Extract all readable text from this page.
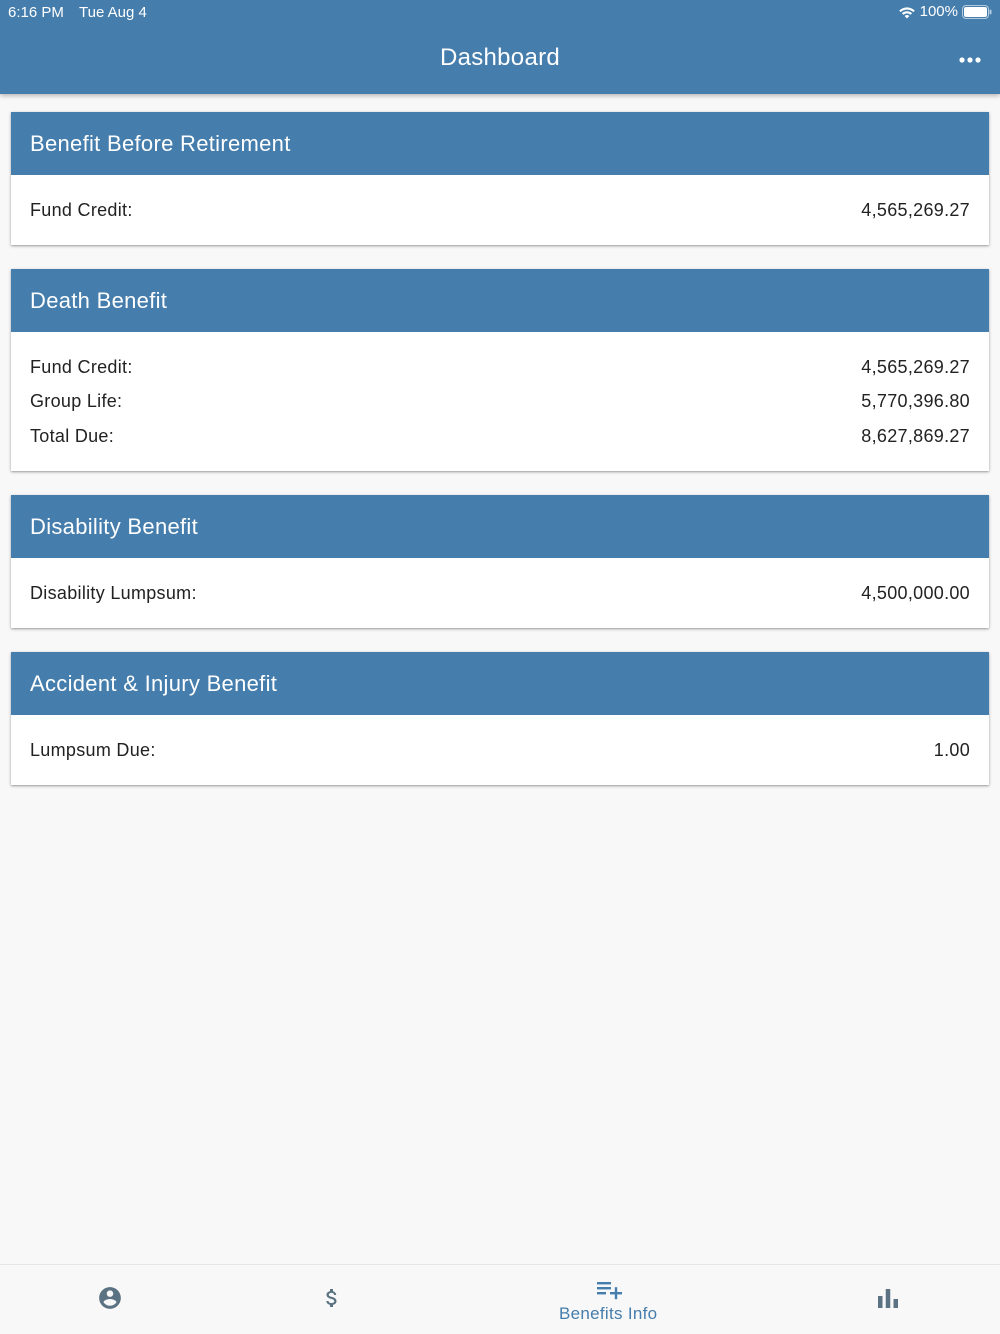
6:16 PM Tue Aug 4	100%
Dashboard
Benefit Before Retirement
Fund Credit:	4,565,269.27
Death Benefit
Fund Credit:	4,565,269.27
Group Life:	5,770,396.80
Total Due:	8,627,869.27
Disability Benefit
Disability Lumpsum:	4,500,000.00
Accident & Injury Benefit
Lumpsum Due:	1.00
Benefits Info
